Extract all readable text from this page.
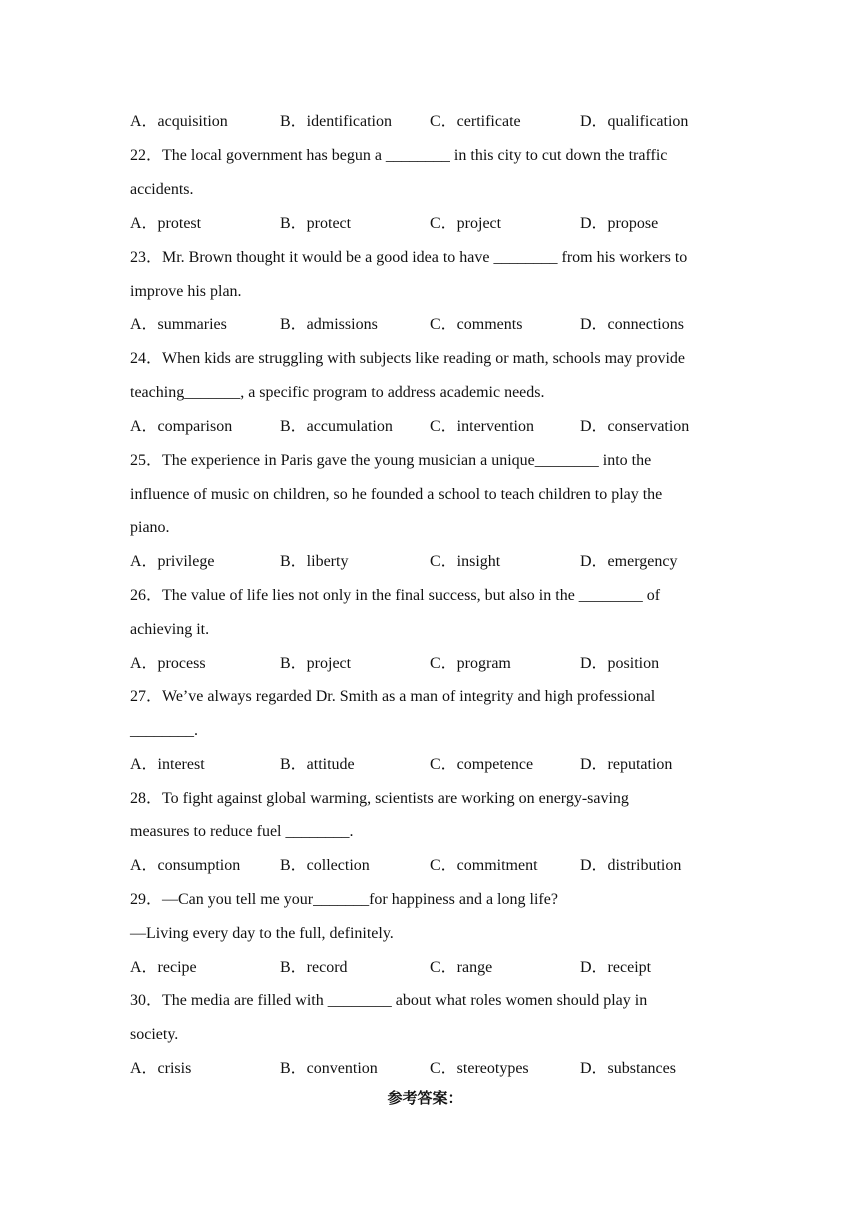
A．acquisition	B．identification C．certificate	D．qualification
22．The local government has begun a ________ in this city to cut down the traffic
accidents.
A．protest	B．protect	C．project	D．propose
23．Mr. Brown thought it would be a good idea to have ________ from his workers to
improve his plan.
A．summaries	B．admissions	C．comments	D．connections
24．When kids are struggling with subjects like reading or math, schools may provide
teaching_______, a specific program to address academic needs.
A．comparison	B．accumulation C．intervention	D．conservation
25．The experience in Paris gave the young musician a unique________ into the
influence of music on children, so he founded a school to teach children to play the
piano.
A．privilege	B．liberty	C．insight	D．emergency
26．The value of life lies not only in the final success, but also in the ________ of
achieving it.
A．process	B．project	C．program	D．position
27．We’ve always regarded Dr. Smith as a man of integrity and high professional
________.
A．interest	B．attitude	C．competence	D．reputation
28．To fight against global warming, scientists are working on energy-saving
measures to reduce fuel ________.
A．consumption B．collection	C．commitment	D．distribution
29．—Can you tell me your_______for happiness and a long life?
—Living every day to the full, definitely.
A．recipe	B．record	C．range	D．receipt
30．The media are filled with ________ about what roles women should play in
society.
A．crisis	B．convention	C．stereotypes	D．substances
参考答案：
